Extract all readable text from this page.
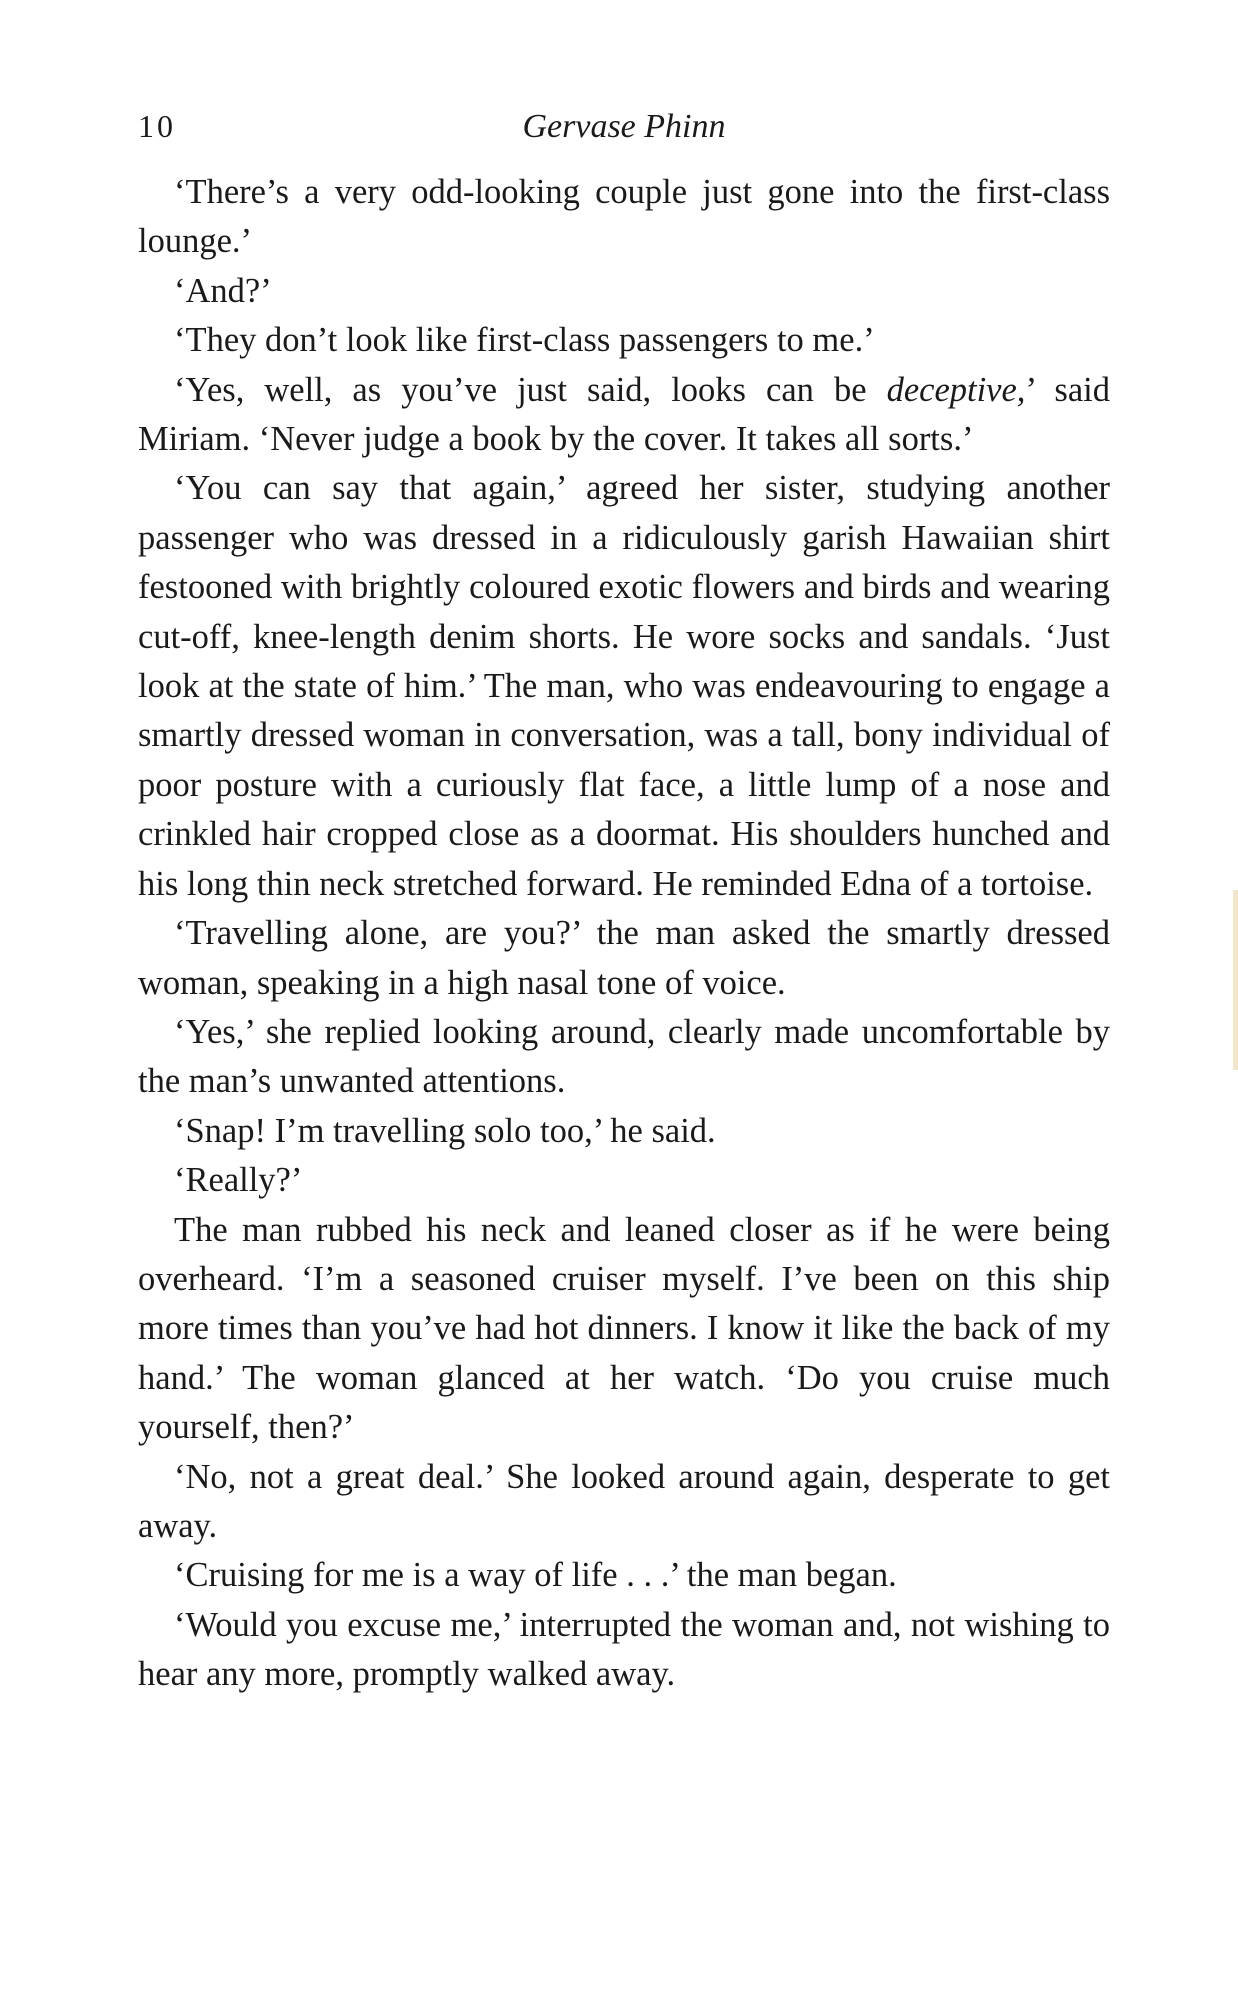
10	Gervase Phinn

‘There’s a very odd-looking couple just gone into the first-class lounge.’

‘And?’

‘They don’t look like first-class passengers to me.’

‘Yes, well, as you’ve just said, looks can be deceptive,’ said Miriam. ‘Never judge a book by the cover. It takes all sorts.’

‘You can say that again,’ agreed her sister, studying another passenger who was dressed in a ridiculously garish Hawaiian shirt festooned with brightly coloured exotic flowers and birds and wearing cut-off, knee-length denim shorts. He wore socks and sandals. ‘Just look at the state of him.’ The man, who was endeavouring to engage a smartly dressed woman in conversation, was a tall, bony individual of poor posture with a curiously flat face, a little lump of a nose and crinkled hair cropped close as a doormat. His shoulders hunched and his long thin neck stretched forward. He reminded Edna of a tortoise.

‘Travelling alone, are you?’ the man asked the smartly dressed woman, speaking in a high nasal tone of voice.

‘Yes,’ she replied looking around, clearly made uncomfortable by the man’s unwanted attentions.

‘Snap! I’m travelling solo too,’ he said.

‘Really?’

The man rubbed his neck and leaned closer as if he were being overheard. ‘I’m a seasoned cruiser myself. I’ve been on this ship more times than you’ve had hot dinners. I know it like the back of my hand.’ The woman glanced at her watch. ‘Do you cruise much yourself, then?’

‘No, not a great deal.’ She looked around again, desperate to get away.

‘Cruising for me is a way of life . . .’ the man began.

‘Would you excuse me,’ interrupted the woman and, not wishing to hear any more, promptly walked away.
